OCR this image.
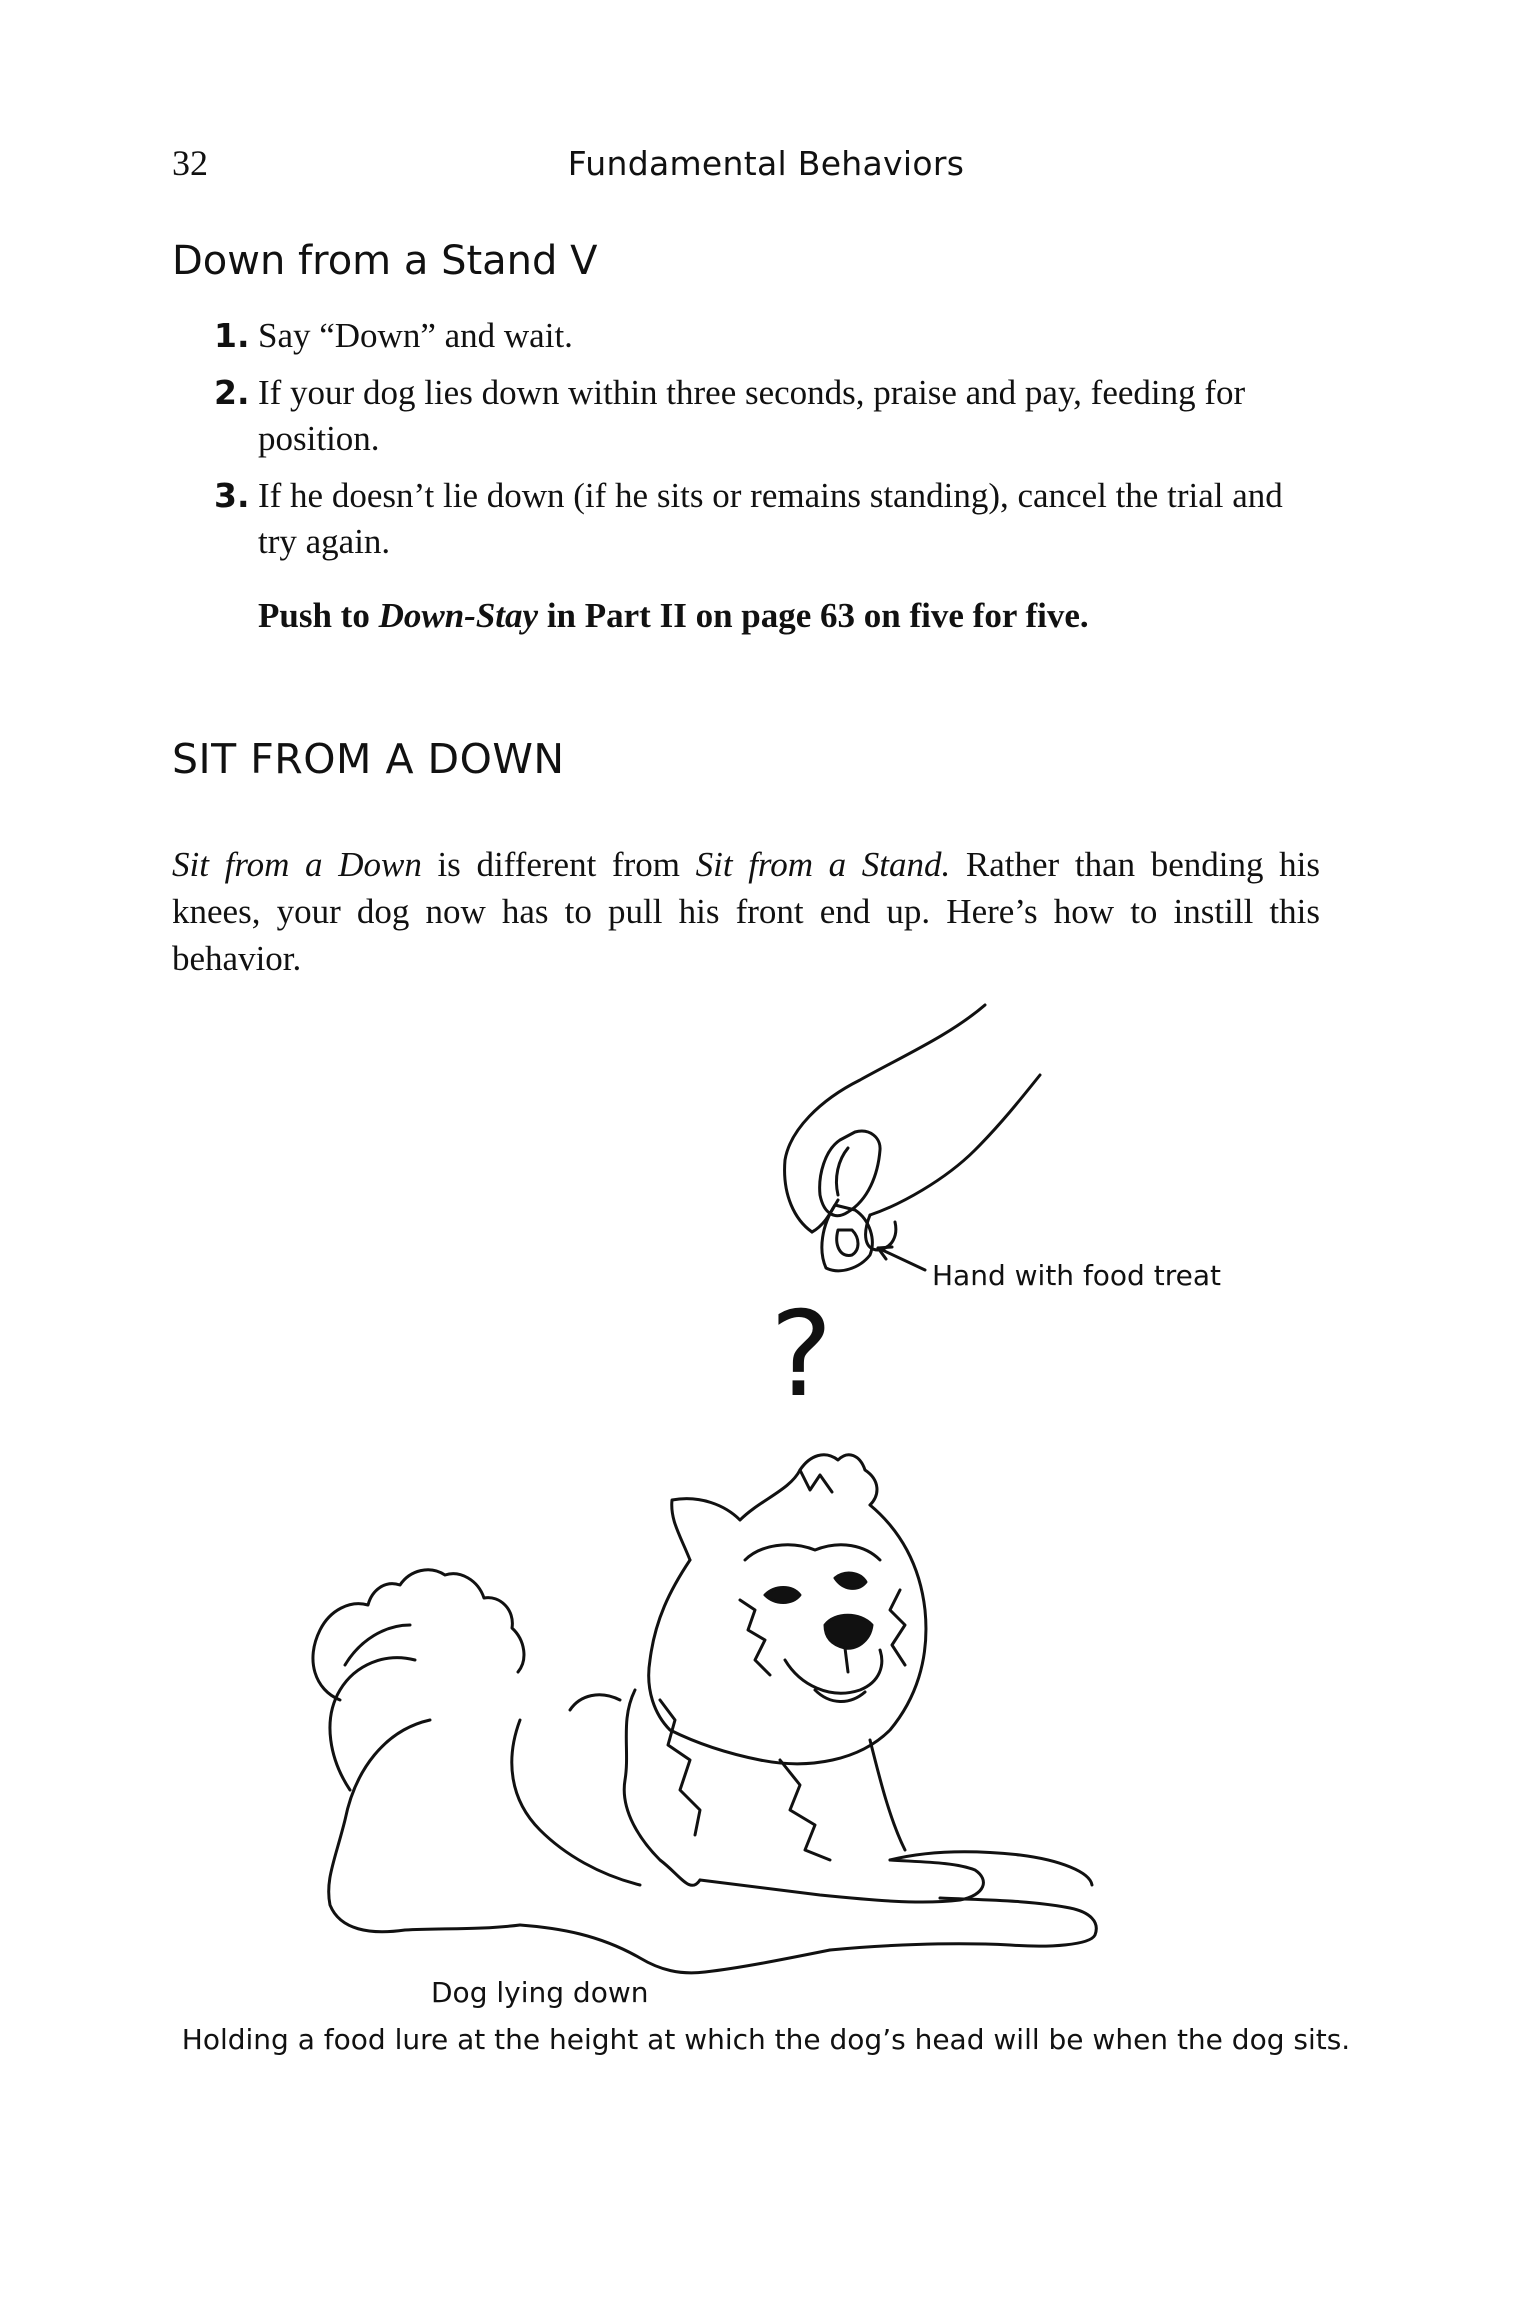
32	Fundamental Behaviors
Down from a Stand V
1. Say “Down” and wait.
2. If your dog lies down within three seconds, praise and pay, feeding for position.
3. If he doesn’t lie down (if he sits or remains standing), cancel the trial and try again.
Push to Down-Stay in Part II on page 63 on five for five.
SIT FROM A DOWN

Sit from a Down is different from Sit from a Stand. Rather than bending his knees, your dog now has to pull his front end up. Here’s how to instill this behavior.

?
Hand with food treat
Dog lying down
Holding a food lure at the height at which the dog’s head will be when the dog sits.
